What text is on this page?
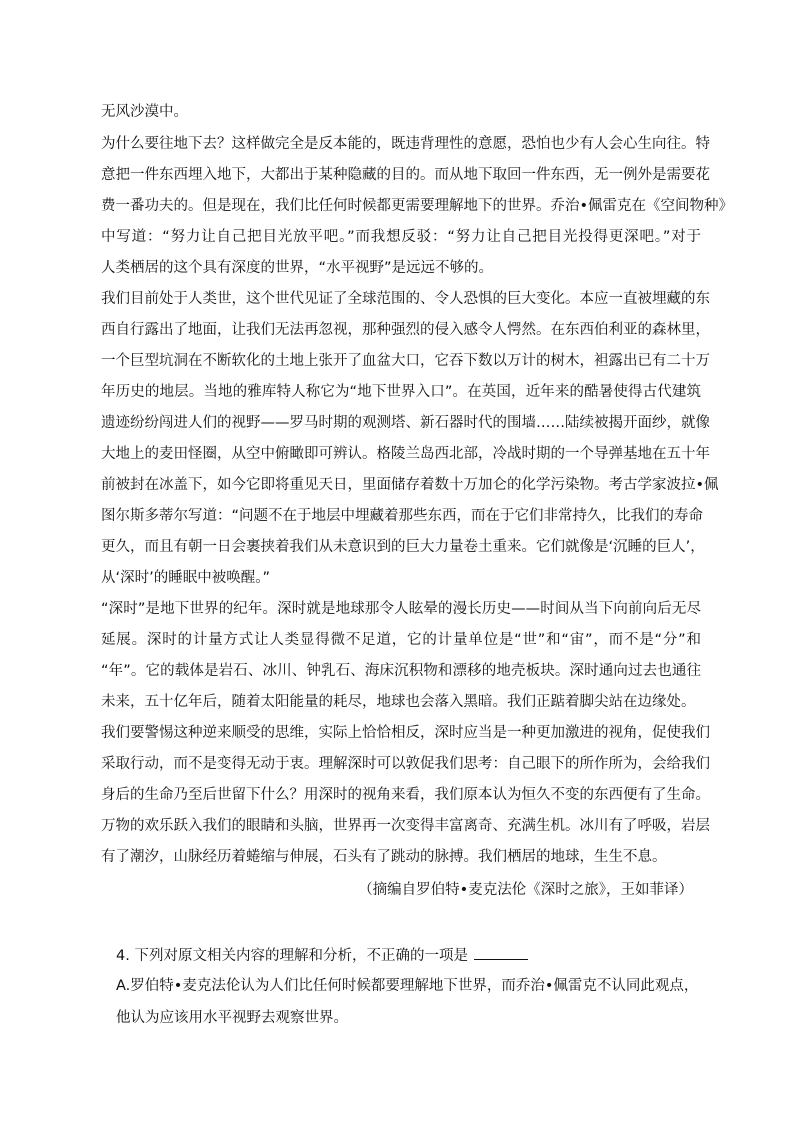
无风沙漠中。
为什么要往地下去？这样做完全是反本能的，既违背理性的意愿，恐怕也少有人会心生向往。特
意把一件东西埋入地下，大都出于某种隐藏的目的。而从地下取回一件东西，无一例外是需要花
费一番功夫的。但是现在，我们比任何时候都更需要理解地下的世界。乔治•佩雷克在《空间物种》
中写道：“努力让自己把目光放平吧。”而我想反驳：“努力让自己把目光投得更深吧。”对于
人类栖居的这个具有深度的世界，“水平视野”是远远不够的。
我们目前处于人类世，这个世代见证了全球范围的、令人恐惧的巨大变化。本应一直被埋藏的东
西自行露出了地面，让我们无法再忽视，那种强烈的侵入感令人愕然。在东西伯利亚的森林里，
一个巨型坑洞在不断软化的土地上张开了血盆大口，它吞下数以万计的树木，袒露出已有二十万
年历史的地层。当地的雅库特人称它为“地下世界入口”。在英国，近年来的酷暑使得古代建筑
遗迹纷纷闯进人们的视野——罗马时期的观测塔、新石器时代的围墙……陆续被揭开面纱，就像
大地上的麦田怪圈，从空中俯瞰即可辨认。格陵兰岛西北部，冷战时期的一个导弹基地在五十年
前被封在冰盖下，如今它即将重见天日，里面储存着数十万加仑的化学污染物。考古学家波拉•佩
图尔斯多蒂尔写道：“问题不在于地层中埋藏着那些东西，而在于它们非常持久，比我们的寿命
更久，而且有朝一日会裹挟着我们从未意识到的巨大力量卷土重来。它们就像是‘沉睡的巨人’，
从‘深时’的睡眠中被唤醒。”
“深时”是地下世界的纪年。深时就是地球那令人眩晕的漫长历史——时间从当下向前向后无尽
延展。深时的计量方式让人类显得微不足道，它的计量单位是“世”和“宙”，而不是“分”和
“年”。它的载体是岩石、冰川、钟乳石、海床沉积物和漂移的地壳板块。深时通向过去也通往
未来，五十亿年后，随着太阳能量的耗尽，地球也会落入黑暗。我们正踮着脚尖站在边缘处。
我们要警惕这种逆来顺受的思维，实际上恰恰相反，深时应当是一种更加激进的视角，促使我们
采取行动，而不是变得无动于衷。理解深时可以敦促我们思考：自己眼下的所作所为，会给我们
身后的生命乃至后世留下什么？用深时的视角来看，我们原本认为恒久不变的东西便有了生命。
万物的欢乐跃入我们的眼睛和头脑，世界再一次变得丰富离奇、充满生机。冰川有了呼吸，岩层
有了潮汐，山脉经历着蜷缩与伸展，石头有了跳动的脉搏。我们栖居的地球，生生不息。
（摘编自罗伯特•麦克法伦《深时之旅》，王如菲译）
4. 下列对原文相关内容的理解和分析，不正确的一项是
A.罗伯特•麦克法伦认为人们比任何时候都要理解地下世界，而乔治•佩雷克不认同此观点，
他认为应该用水平视野去观察世界。
